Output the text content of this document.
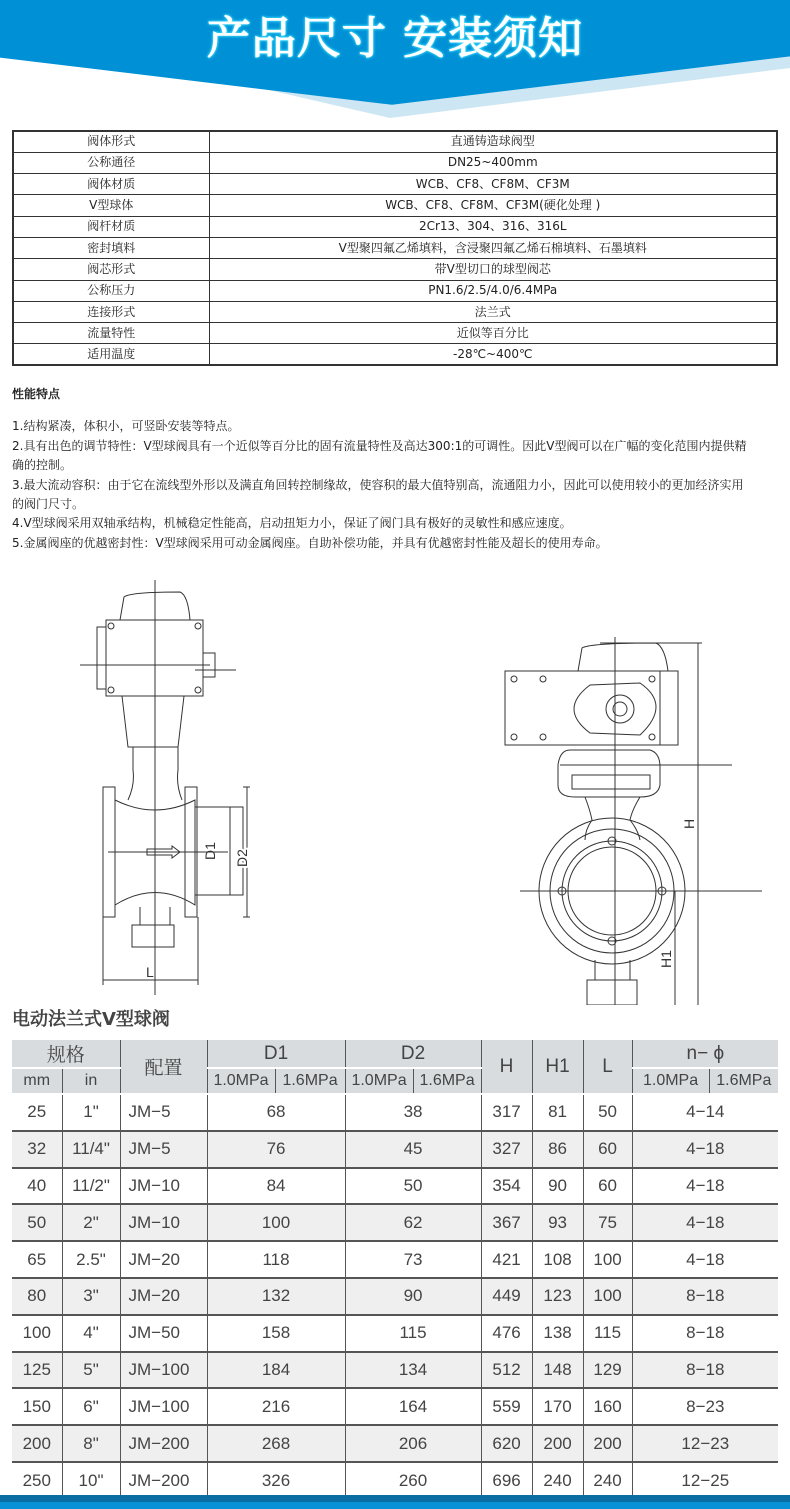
产品尺寸 安装须知
阀体形式	直通铸造球阀型
公称通径	DN25~400mm
阀体材质	WCB、CF8、CF8M、CF3M
V型球体	WCB、CF8、CF8M、CF3M(硬化处理 )
阀杆材质	2Cr13、304、316、316L
密封填料	V型聚四氟乙烯填料，含浸聚四氟乙烯石棉填料、石墨填料
阀芯形式	带V型切口的球型阀芯
公称压力	PN1.6/2.5/4.0/6.4MPa
连接形式	法兰式
流量特性	近似等百分比
适用温度	-28℃~400℃
性能特点
1.结构紧凑，体积小，可竖卧安装等特点。
2.具有出色的调节特性：V型球阀具有一个近似等百分比的固有流量特性及高达300:1的可调性。因此V型阀可以在广幅的变化范围内提供精确的控制。
3.最大流动容积：由于它在流线型外形以及满直角回转控制缘故，使容积的最大值特别高，流通阻力小，因此可以使用较小的更加经济实用的阀门尺寸。
4.V型球阀采用双轴承结构，机械稳定性能高，启动扭矩力小，保证了阀门具有极好的灵敏性和感应速度。
5.金属阀座的优越密封性：V型球阀采用可动金属阀座。自助补偿功能，并具有优越密封性能及超长的使用寿命。
D1 D2
L
H
H1
电动法兰式V型球阀
规格		配置	D1		D2		H	H1	L	n− ϕ	
mm	in		1.0MPa	1.6MPa	1.0MPa	1.6MPa				1.0MPa	1.6MPa
25	1"	JM−5	68		38		317	81	50	4−14	
32	11/4"	JM−5	76		45		327	86	60	4−18	
40	11/2"	JM−10	84		50		354	90	60	4−18	
50	2"	JM−10	100		62		367	93	75	4−18	
65	2.5"	JM−20	118		73		421	108	100	4−18	
80	3"	JM−20	132		90		449	123	100	8−18	
100	4"	JM−50	158		115		476	138	115	8−18	
125	5"	JM−100	184		134		512	148	129	8−18	
150	6"	JM−100	216		164		559	170	160	8−23	
200	8"	JM−200	268		206		620	200	200	12−23	
250	10"	JM−200	326		260		696	240	240	12−25	
